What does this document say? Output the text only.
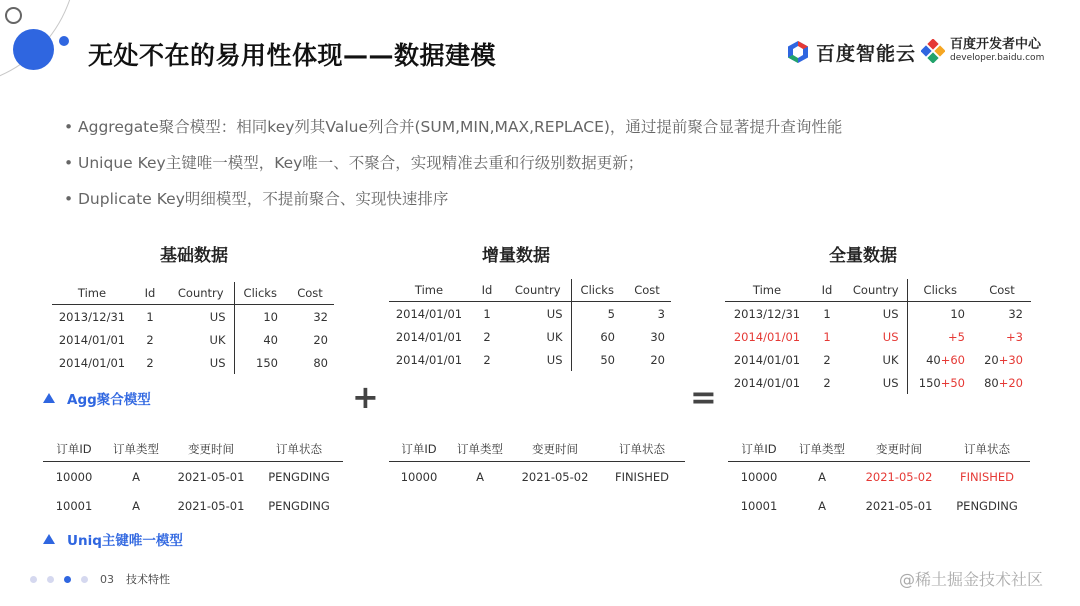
无处不在的易用性体现——数据建模	百度智能云	百度开发者中心
developer.baidu.com
• Aggregate聚合模型：相同key列其Value列合并(SUM,MIN,MAX,REPLACE)，通过提前聚合显著提升查询性能
• Unique Key主键唯一模型，Key唯一、不聚合，实现精准去重和行级别数据更新；
• Duplicate Key明细模型，不提前聚合、实现快速排序
基础数据	增量数据	全量数据
Time	Id	Country	Clicks	Cost
2013/12/31	1	US	10	32
2014/01/01	2	UK	40	20
2014/01/01	2	US	150	80
Time	Id	Country	Clicks	Cost
2014/01/01	1	US	5	3
2014/01/01	2	UK	60	30
2014/01/01	2	US	50	20
Time	Id	Country	Clicks	Cost
2013/12/31	1	US	10	32
2014/01/01	1	US	+5	+3
2014/01/01	2	UK	40+60	20+30
2014/01/01	2	US	150+50	80+20
+	=
Agg聚合模型
Uniq主键唯一模型
订单ID	订单类型	变更时间	订单状态
10000	A	2021-05-01	PENGDING
10001	A	2021-05-01	PENGDING
订单ID	订单类型	变更时间	订单状态
10000	A	2021-05-02	FINISHED
订单ID	订单类型	变更时间	订单状态
10000	A	2021-05-02	FINISHED
10001	A	2021-05-01	PENGDING
03 技术特性	@稀土掘金技术社区
